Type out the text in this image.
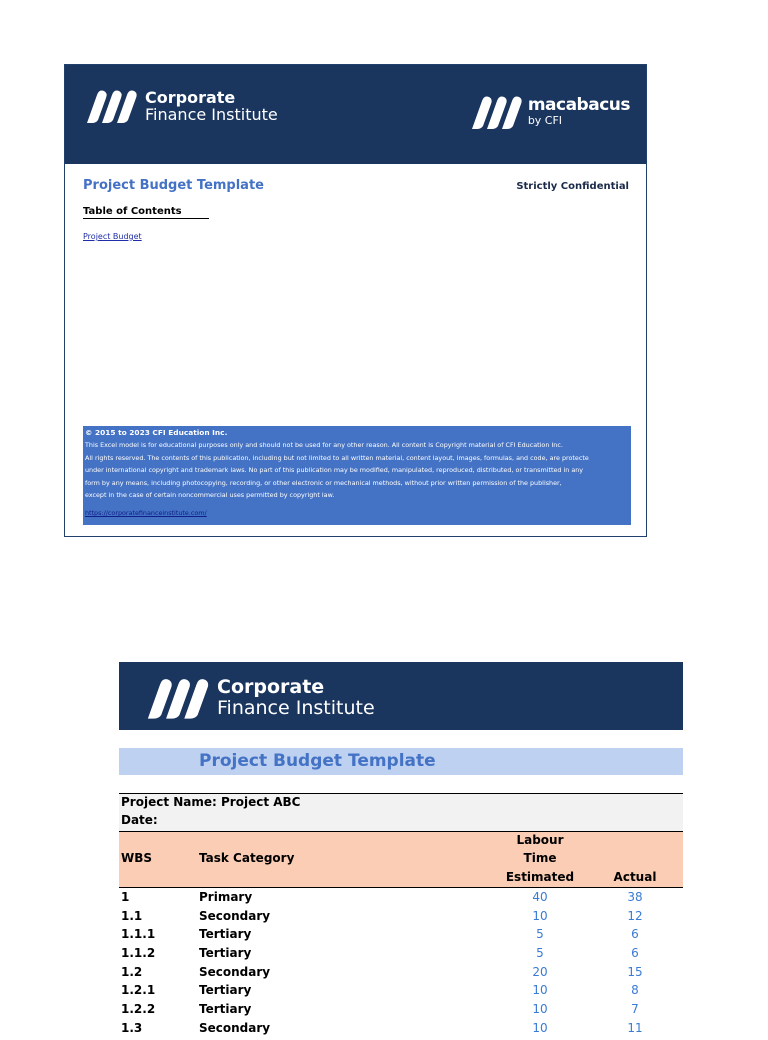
Corporate
Finance Institute	macabacus
by CFI
Project Budget Template	Strictly Confidential
Table of Contents
Project Budget
© 2015 to 2023 CFI Education Inc.
This Excel model is for educational purposes only and should not be used for any other reason. All content is Copyright material of CFI Education Inc.
All rights reserved. The contents of this publication, including but not limited to all written material, content layout, images, formulas, and code, are protecte
under international copyright and trademark laws. No part of this publication may be modified, manipulated, reproduced, distributed, or transmitted in any
form by any means, including photocopying, recording, or other electronic or mechanical methods, without prior written permission of the publisher,
except in the case of certain noncommercial uses permitted by copyright law.
https://corporatefinanceinstitute.com/
Corporate
Finance Institute
Project Budget Template
Project Name: Project ABC
Date:
WBS	Task Category
Labour
Time
Estimated	Actual
1	Primary	40	38
1.1	Secondary	10	12
1.1.1	Tertiary	5	6
1.1.2	Tertiary	5	6
1.2	Secondary	20	15
1.2.1	Tertiary	10	8
1.2.2	Tertiary	10	7
1.3	Secondary	10	11
